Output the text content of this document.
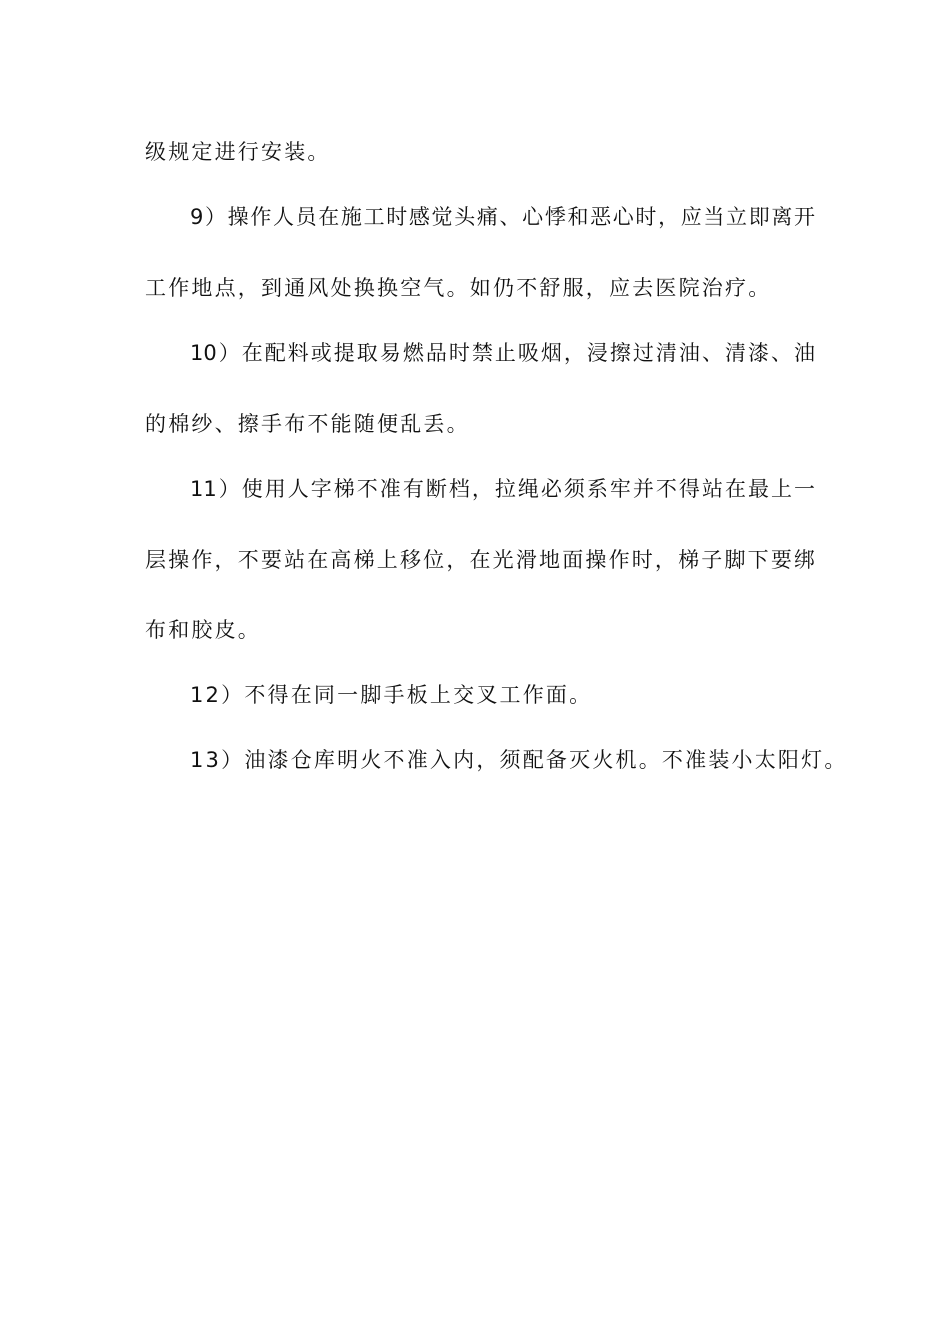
级规定进行安装。
9）操作人员在施工时感觉头痛、心悸和恶心时，应当立即离开
工作地点，到通风处换换空气。如仍不舒服，应去医院治疗。
10）在配料或提取易燃品时禁止吸烟，浸擦过清油、清漆、油
的棉纱、擦手布不能随便乱丢。
11）使用人字梯不准有断档，拉绳必须系牢并不得站在最上一
层操作，不要站在高梯上移位，在光滑地面操作时，梯子脚下要绑
布和胶皮。
12）不得在同一脚手板上交叉工作面。
13）油漆仓库明火不准入内，须配备灭火机。不准装小太阳灯。
